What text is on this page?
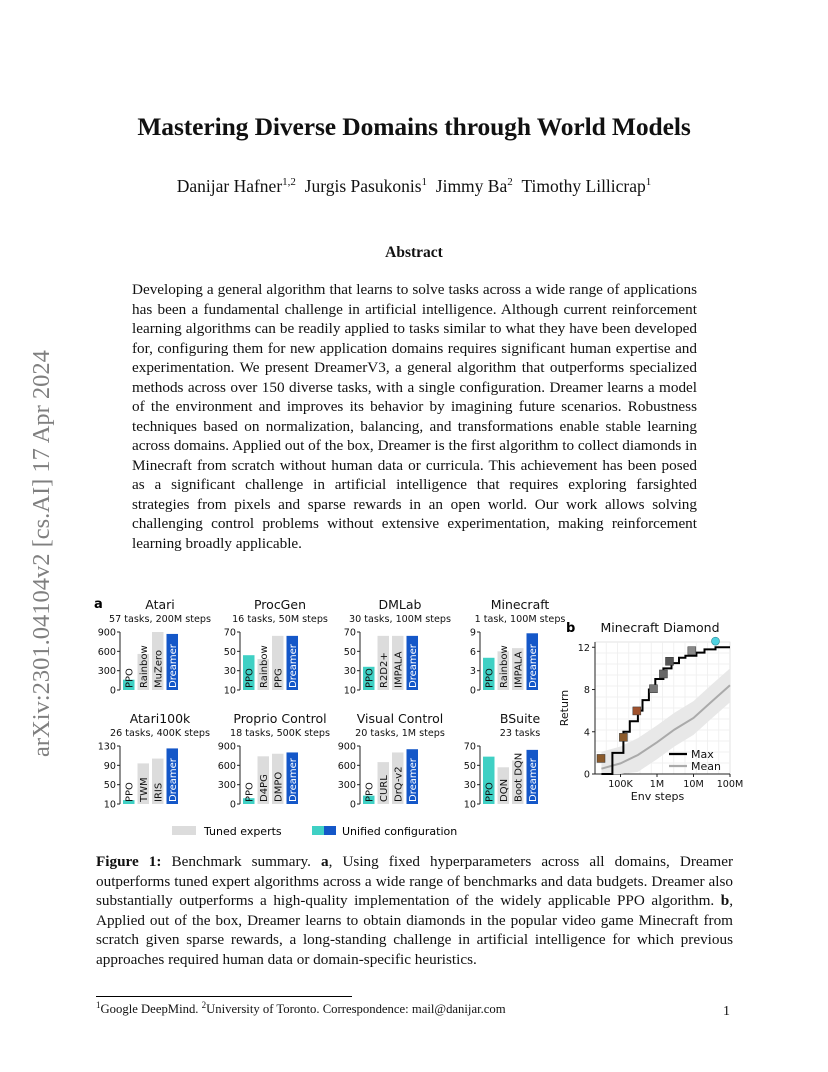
arXiv:2301.04104v2 [cs.AI] 17 Apr 2024
Mastering Diverse Domains through World Models
Danijar Hafner$^{1,2}$ Jurgis Pasukonis$^1$ Jimmy Ba$^2$ Timothy Lillicrap$^1$
Abstract
Developing a general algorithm that learns to solve tasks across a wide range of applications has been a fundamental challenge in artificial intelligence. Although current reinforcement learning algorithms can be readily applied to tasks similar to what they have been developed for, configuring them for new application domains requires significant human expertise and experimentation. We present DreamerV3, a general algorithm that outperforms specialized methods across over 150 diverse tasks, with a single configuration. Dreamer learns a model of the environment and improves its behavior by imagining future scenarios. Robustness techniques based on normalization, balancing, and transformations enable stable learning across domains. Applied out of the box, Dreamer is the first algorithm to collect diamonds in Minecraft from scratch without human data or curricula. This achievement has been posed as a significant challenge in artificial intelligence that requires exploring farsighted strategies from pixels and sparse rewards in an open world. Our work allows solving challenging control problems without extensive experimentation, making reinforcement learning broadly applicable.
a
b
Atari
57 tasks, 200M steps
0
300
600
900
PPO Rainbow MuZero Dreamer
ProcGen
16 tasks, 50M steps
10
30
50
70
PPO Rainbow PPG Dreamer
DMLab
30 tasks, 100M steps
10
30
50
70
PPO R2D2+ IMPALA Dreamer
Minecraft
1 task, 100M steps
0
3
6
9
PPO Rainbow IMPALA Dreamer
Atari100k
26 tasks, 400K steps
10
50
90
130
PPO TWM IRIS Dreamer
Proprio Control
18 tasks, 500K steps
0
300
600
900
PPO D4PG DMPO Dreamer
Visual Control
20 tasks, 1M steps
0
300
600
900
PPO CURL DrQ-v2 Dreamer
BSuite
23 tasks
10
30
50
70
PPO DQN Boot DQN Dreamer
Minecraft Diamond
0
4
8
12
100K 1M 10M 100M
Env steps
Return
Max
Mean
Tuned experts	Unified configuration
Figure 1: Benchmark summary. a, Using fixed hyperparameters across all domains, Dreamer outperforms tuned expert algorithms across a wide range of benchmarks and data budgets. Dreamer also substantially outperforms a high-quality implementation of the widely applicable PPO algorithm. b, Applied out of the box, Dreamer learns to obtain diamonds in the popular video game Minecraft from scratch given sparse rewards, a long-standing challenge in artificial intelligence for which previous approaches required human data or domain-specific heuristics.
$^1$Google DeepMind. $^2$University of Toronto. Correspondence: mail@danijar.com	1
